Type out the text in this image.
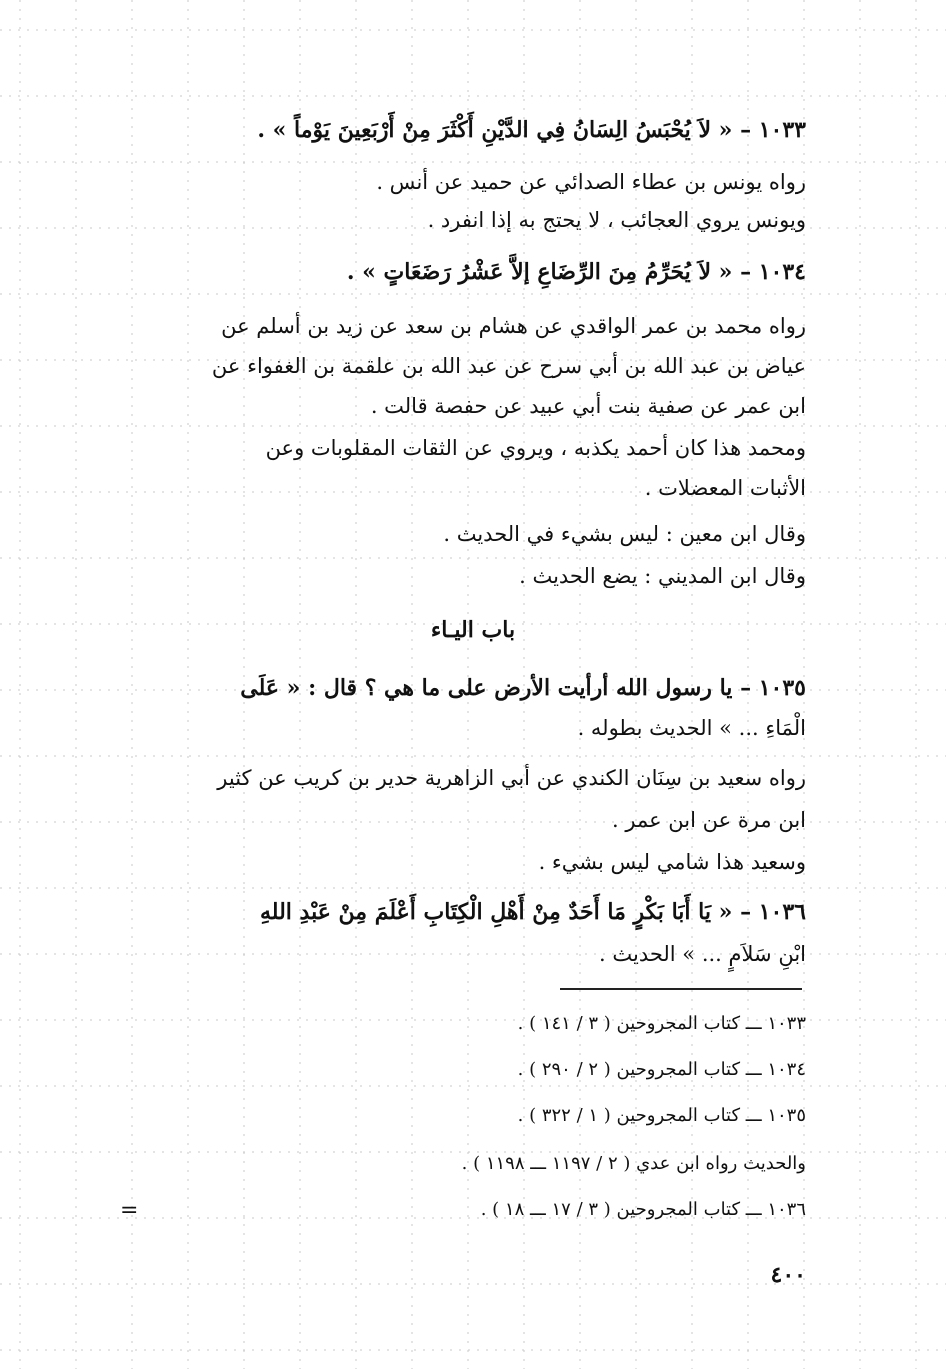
١٠٣٣ – « لاَ يُحْبَسُ الِسَانُ فِي الدَّيْنِ أَكْثَرَ مِنْ أَرْبَعِينَ يَوْماً » .
رواه يونس بن عطاء الصدائي عن حميد عن أنس .
ويونس يروي العجائب ، لا يحتج به إذا انفرد .
١٠٣٤ – « لاَ يُحَرِّمُ مِنَ الرِّضَاعِ إلاَّ عَشْرُ رَضَعَاتٍ » .
رواه محمد بن عمر الواقدي عن هشام بن سعد عن زيد بن أسلم عن
عياض بن عبد الله بن أبي سرح عن عبد الله بن علقمة بن الغفواء عن
ابن عمر عن صفية بنت أبي عبيد عن حفصة قالت .
ومحمد هذا كان أحمد يكذبه ، ويروي عن الثقات المقلوبات وعن
الأثبات المعضلات .
وقال ابن معين : ليس بشيء في الحديث .
وقال ابن المديني : يضع الحديث .
باب اليـاء
١٠٣٥ – يا رسول الله أرأيت الأرض على ما هي ؟ قال : « عَلَى
الْمَاءِ ... » الحديث بطوله .
رواه سعيد بن سِنَان الكندي عن أبي الزاهرية حدير بن كريب عن كثير
ابن مرة عن ابن عمر .
وسعيد هذا شامي ليس بشيء .
١٠٣٦ – « يَا أَبَا بَكْرٍ مَا أَحَدٌ مِنْ أَهْلِ الْكِتَابِ أَعْلَمَ مِنْ عَبْدِ اللهِ
ابْنِ سَلاَمٍ ... » الحديث .
١٠٣٣ ـــ كتاب المجروحين ( ٣ / ١٤١ ) .
١٠٣٤ ـــ كتاب المجروحين ( ٢ / ٢٩٠ ) .
١٠٣٥ ـــ كتاب المجروحين ( ١ / ٣٢٢ ) .
والحديث رواه ابن عدي ( ٢ / ١١٩٧ ـــ ١١٩٨ ) .
١٠٣٦ ـــ كتاب المجروحين ( ٣ / ١٧ ـــ ١٨ ) .
=
٤٠٠
